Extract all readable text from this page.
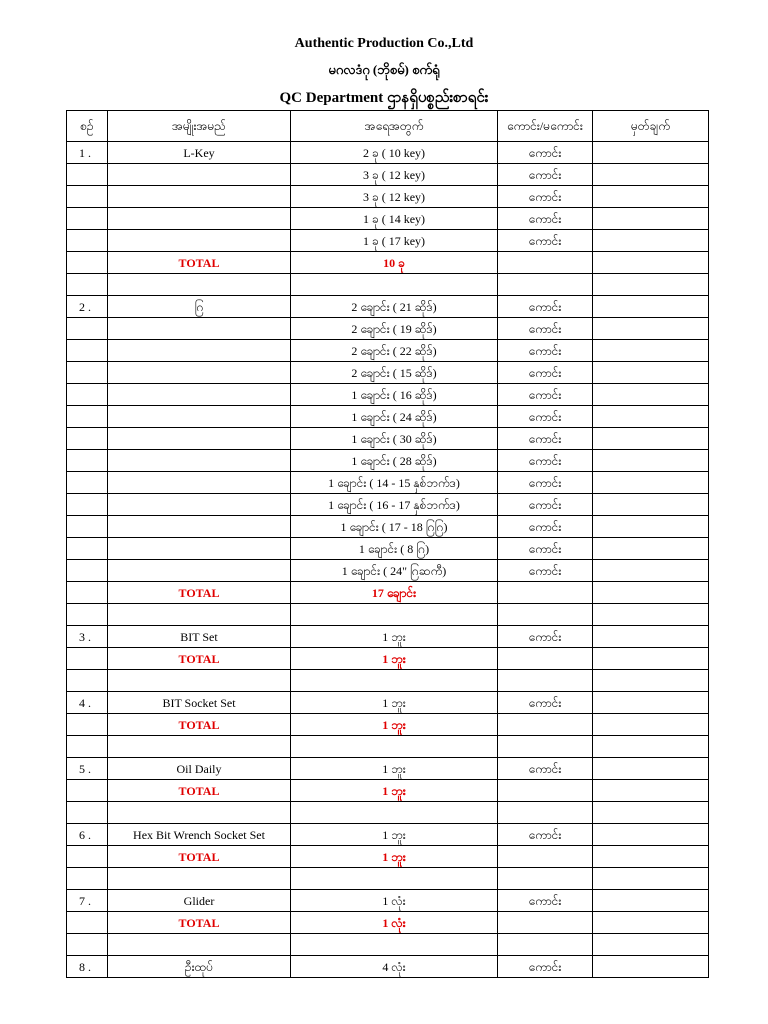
Authentic Production Co.,Ltd
မဂလဒံဂု (ဘိုစမ်) စက်ရုံ
QC Department ဌာနရှိပစ္စည်းစာရင်း
စဥ်	အမျိုးအမည်	အရေအတွက်	ကောင်း/မကောင်း	မှတ်ချက်
1 .	L-Key	2 ခု ( 10 key)	ကောင်း	
		3 ခု ( 12 key)	ကောင်း	
		3 ခု ( 12 key)	ကောင်း	
		1 ခု ( 14 key)	ကောင်း	
		1 ခု ( 17 key)	ကောင်း	
	TOTAL	10 ခု		

2 .	ဂြ	2 ချောင်း ( 21 ဆိုဒ်)	ကောင်း	
		2 ချောင်း ( 19 ဆိုဒ်)	ကောင်း	
		2 ချောင်း ( 22 ဆိုဒ်)	ကောင်း	
		2 ချောင်း ( 15 ဆိုဒ်)	ကောင်း	
		1 ချောင်း ( 16 ဆိုဒ်)	ကောင်း	
		1 ချောင်း ( 24 ဆိုဒ်)	ကောင်း	
		1 ချောင်း ( 30 ဆိုဒ်)	ကောင်း	
		1 ချောင်း ( 28 ဆိုဒ်)	ကောင်း	
		1 ချောင်း ( 14 - 15 နှစ်ဘက်ဒ)	ကောင်း	
		1 ချောင်း ( 16 - 17 နှစ်ဘက်ဒ)	ကောင်း	
		1 ချောင်း ( 17 - 18 ဂြဂြ)	ကောင်း	
		1 ချောင်း ( 8 ဂြ)	ကောင်း	
		1 ချောင်း ( 24" ဂြဆကီ)	ကောင်း	
	TOTAL	17 ချောင်း		

3 .	BIT Set	1 ဘူး	ကောင်း	
	TOTAL	1 ဘူး		

4 .	BIT Socket Set	1 ဘူး	ကောင်း	
	TOTAL	1 ဘူး		

5 .	Oil Daily	1 ဘူး	ကောင်း	
	TOTAL	1 ဘူး		

6 .	Hex Bit Wrench Socket Set	1 ဘူး	ကောင်း	
	TOTAL	1 ဘူး		

7 .	Glider	1 လုံး	ကောင်း	
	TOTAL	1 လုံး		

8 .	ဦးထုပ်	4 လုံး	ကောင်း	
